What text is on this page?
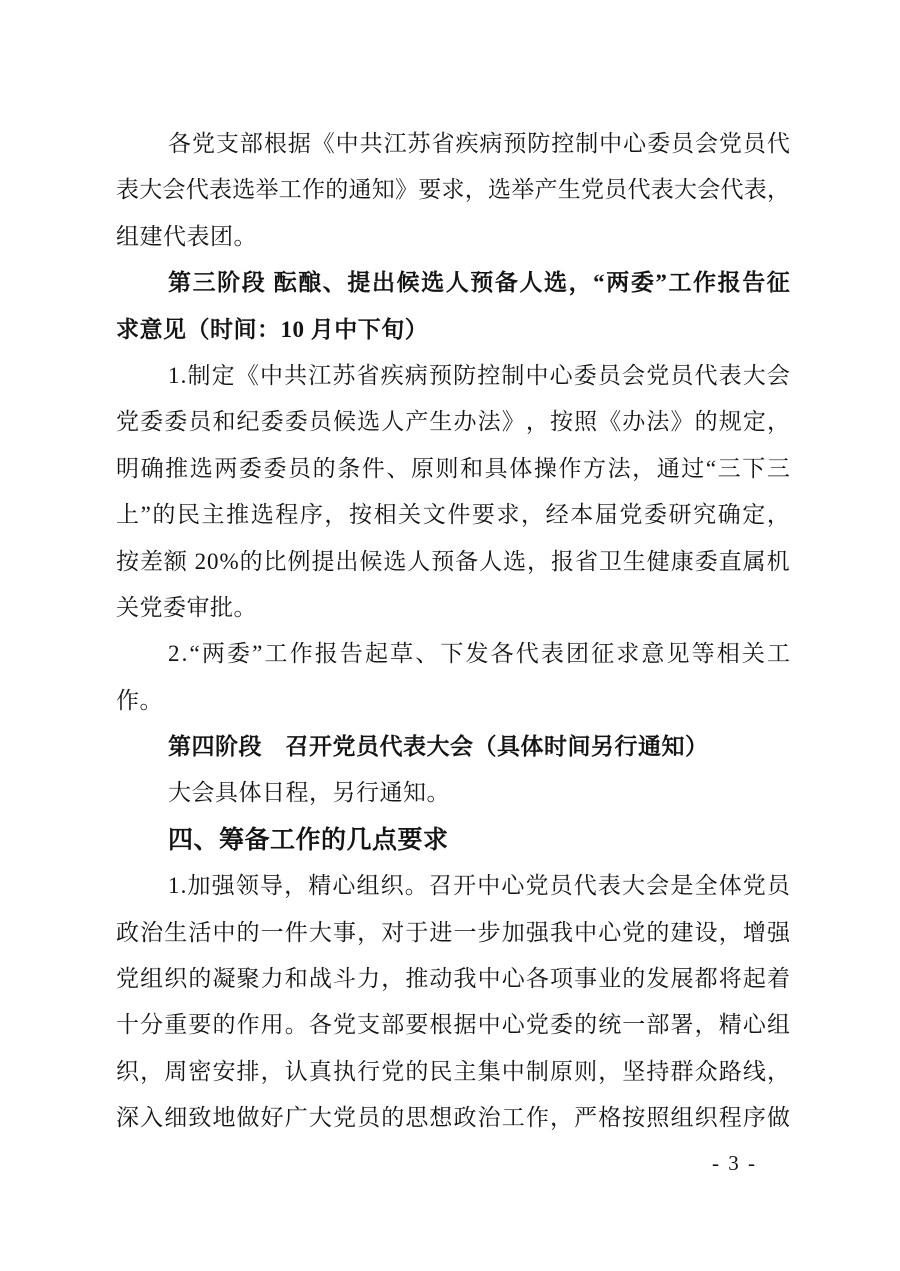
各 党 支 部 根 据 《 中 共 江 苏 省 疾 病 预 防 控 制 中 心 委 员 会 党 员 代
表 大 会 代 表 选 举 工 作 的 通 知 》 要 求 ， 选 举 产 生 党 员 代 表 大 会 代 表 ，
组建代表团。
第 三 阶 段
酝 酿 、 提 出 候 选 人 预 备 人 选 ， “ 两 委 ” 工 作 报 告 征
求意见（时间：10 月中下旬）
1 . 制 定 《 中 共 江 苏 省 疾 病 预 防 控 制 中 心 委 员 会 党 员 代 表 大 会
党 委 委 员 和 纪 委 委 员 候 选 人 产 生 办 法 》 ， 按 照 《 办 法 》 的 规 定 ，
明 确 推 选 两 委 委 员 的 条 件 、 原 则 和 具 体 操 作 方 法 ， 通 过 “ 三 下 三
上 ” 的 民 主 推 选 程 序 ， 按 相 关 文 件 要 求 ， 经 本 届 党 委 研 究 确 定 ，
按 差 额
2 0 % 的 比 例 提 出 候 选 人 预 备 人 选 ， 报 省 卫 生 健 康 委 直 属 机
关党委审批。
2 . “ 两 委 ” 工 作 报 告 起 草 、 下 发 各 代 表 团 征 求 意 见 等 相 关 工
作。
第四阶段　召开党员代表大会（具体时间另行通知）
大会具体日程，另行通知。
四、筹备工作的几点要求
1 . 加 强 领 导 ， 精 心 组 织 。 召 开 中 心 党 员 代 表 大 会 是 全 体 党 员
政 治 生 活 中 的 一 件 大 事 ， 对 于 进 一 步 加 强 我 中 心 党 的 建 设 ， 增 强
党 组 织 的 凝 聚 力 和 战 斗 力 ， 推 动 我 中 心 各 项 事 业 的 发 展 都 将 起 着
十 分 重 要 的 作 用 。 各 党 支 部 要 根 据 中 心 党 委 的 统 一 部 署 ， 精 心 组
织 ， 周 密 安 排 ， 认 真 执 行 党 的 民 主 集 中 制 原 则 ， 坚 持 群 众 路 线 ，
深 入 细 致 地 做 好 广 大 党 员 的 思 想 政 治 工 作 ， 严 格 按 照 组 织 程 序 做
- 3 -
